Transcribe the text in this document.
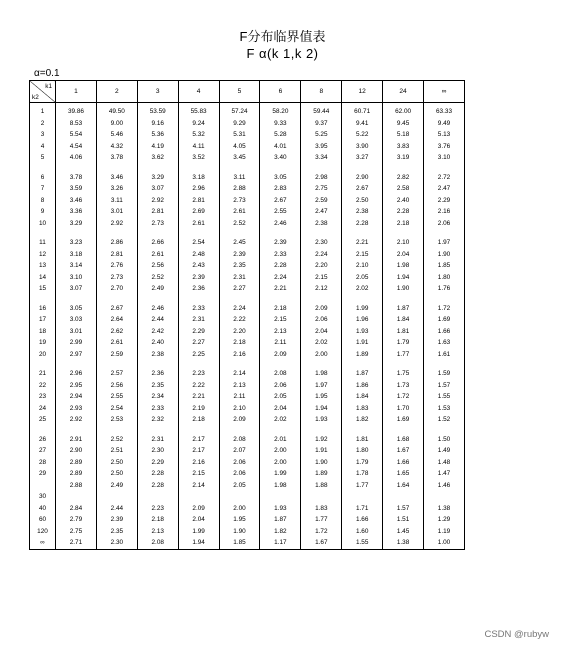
F分布临界值表
F α(k 1,k 2)
α=0.1
k1
k2	1	2	3	4	5	6	8	12	24	∞
1	39.86	49.50	53.59	55.83	57.24	58.20	59.44	60.71	62.00	63.33
2	8.53	9.00	9.16	9.24	9.29	9.33	9.37	9.41	9.45	9.49
3	5.54	5.46	5.36	5.32	5.31	5.28	5.25	5.22	5.18	5.13
4	4.54	4.32	4.19	4.11	4.05	4.01	3.95	3.90	3.83	3.76
5	4.06	3.78	3.62	3.52	3.45	3.40	3.34	3.27	3.19	3.10

6	3.78	3.46	3.29	3.18	3.11	3.05	2.98	2.90	2.82	2.72
7	3.59	3.26	3.07	2.96	2.88	2.83	2.75	2.67	2.58	2.47
8	3.46	3.11	2.92	2.81	2.73	2.67	2.59	2.50	2.40	2.29
9	3.36	3.01	2.81	2.69	2.61	2.55	2.47	2.38	2.28	2.16
10	3.29	2.92	2.73	2.61	2.52	2.46	2.38	2.28	2.18	2.06

11	3.23	2.86	2.66	2.54	2.45	2.39	2.30	2.21	2.10	1.97
12	3.18	2.81	2.61	2.48	2.39	2.33	2.24	2.15	2.04	1.90
13	3.14	2.76	2.56	2.43	2.35	2.28	2.20	2.10	1.98	1.85
14	3.10	2.73	2.52	2.39	2.31	2.24	2.15	2.05	1.94	1.80
15	3.07	2.70	2.49	2.36	2.27	2.21	2.12	2.02	1.90	1.76

16	3.05	2.67	2.46	2.33	2.24	2.18	2.09	1.99	1.87	1.72
17	3.03	2.64	2.44	2.31	2.22	2.15	2.06	1.96	1.84	1.69
18	3.01	2.62	2.42	2.29	2.20	2.13	2.04	1.93	1.81	1.66
19	2.99	2.61	2.40	2.27	2.18	2.11	2.02	1.91	1.79	1.63
20	2.97	2.59	2.38	2.25	2.16	2.09	2.00	1.89	1.77	1.61

21	2.96	2.57	2.36	2.23	2.14	2.08	1.98	1.87	1.75	1.59
22	2.95	2.56	2.35	2.22	2.13	2.06	1.97	1.86	1.73	1.57
23	2.94	2.55	2.34	2.21	2.11	2.05	1.95	1.84	1.72	1.55
24	2.93	2.54	2.33	2.19	2.10	2.04	1.94	1.83	1.70	1.53
25	2.92	2.53	2.32	2.18	2.09	2.02	1.93	1.82	1.69	1.52

26	2.91	2.52	2.31	2.17	2.08	2.01	1.92	1.81	1.68	1.50
27	2.90	2.51	2.30	2.17	2.07	2.00	1.91	1.80	1.67	1.49
28	2.89	2.50	2.29	2.16	2.06	2.00	1.90	1.79	1.66	1.48
29	2.89	2.50	2.28	2.15	2.06	1.99	1.89	1.78	1.65	1.47
	2.88	2.49	2.28	2.14	2.05	1.98	1.88	1.77	1.64	1.46
30										
40	2.84	2.44	2.23	2.09	2.00	1.93	1.83	1.71	1.57	1.38
60	2.79	2.39	2.18	2.04	1.95	1.87	1.77	1.66	1.51	1.29
120	2.75	2.35	2.13	1.99	1.90	1.82	1.72	1.60	1.45	1.19
∞	2.71	2.30	2.08	1.94	1.85	1.17	1.67	1.55	1.38	1.00
CSDN @rubyw
